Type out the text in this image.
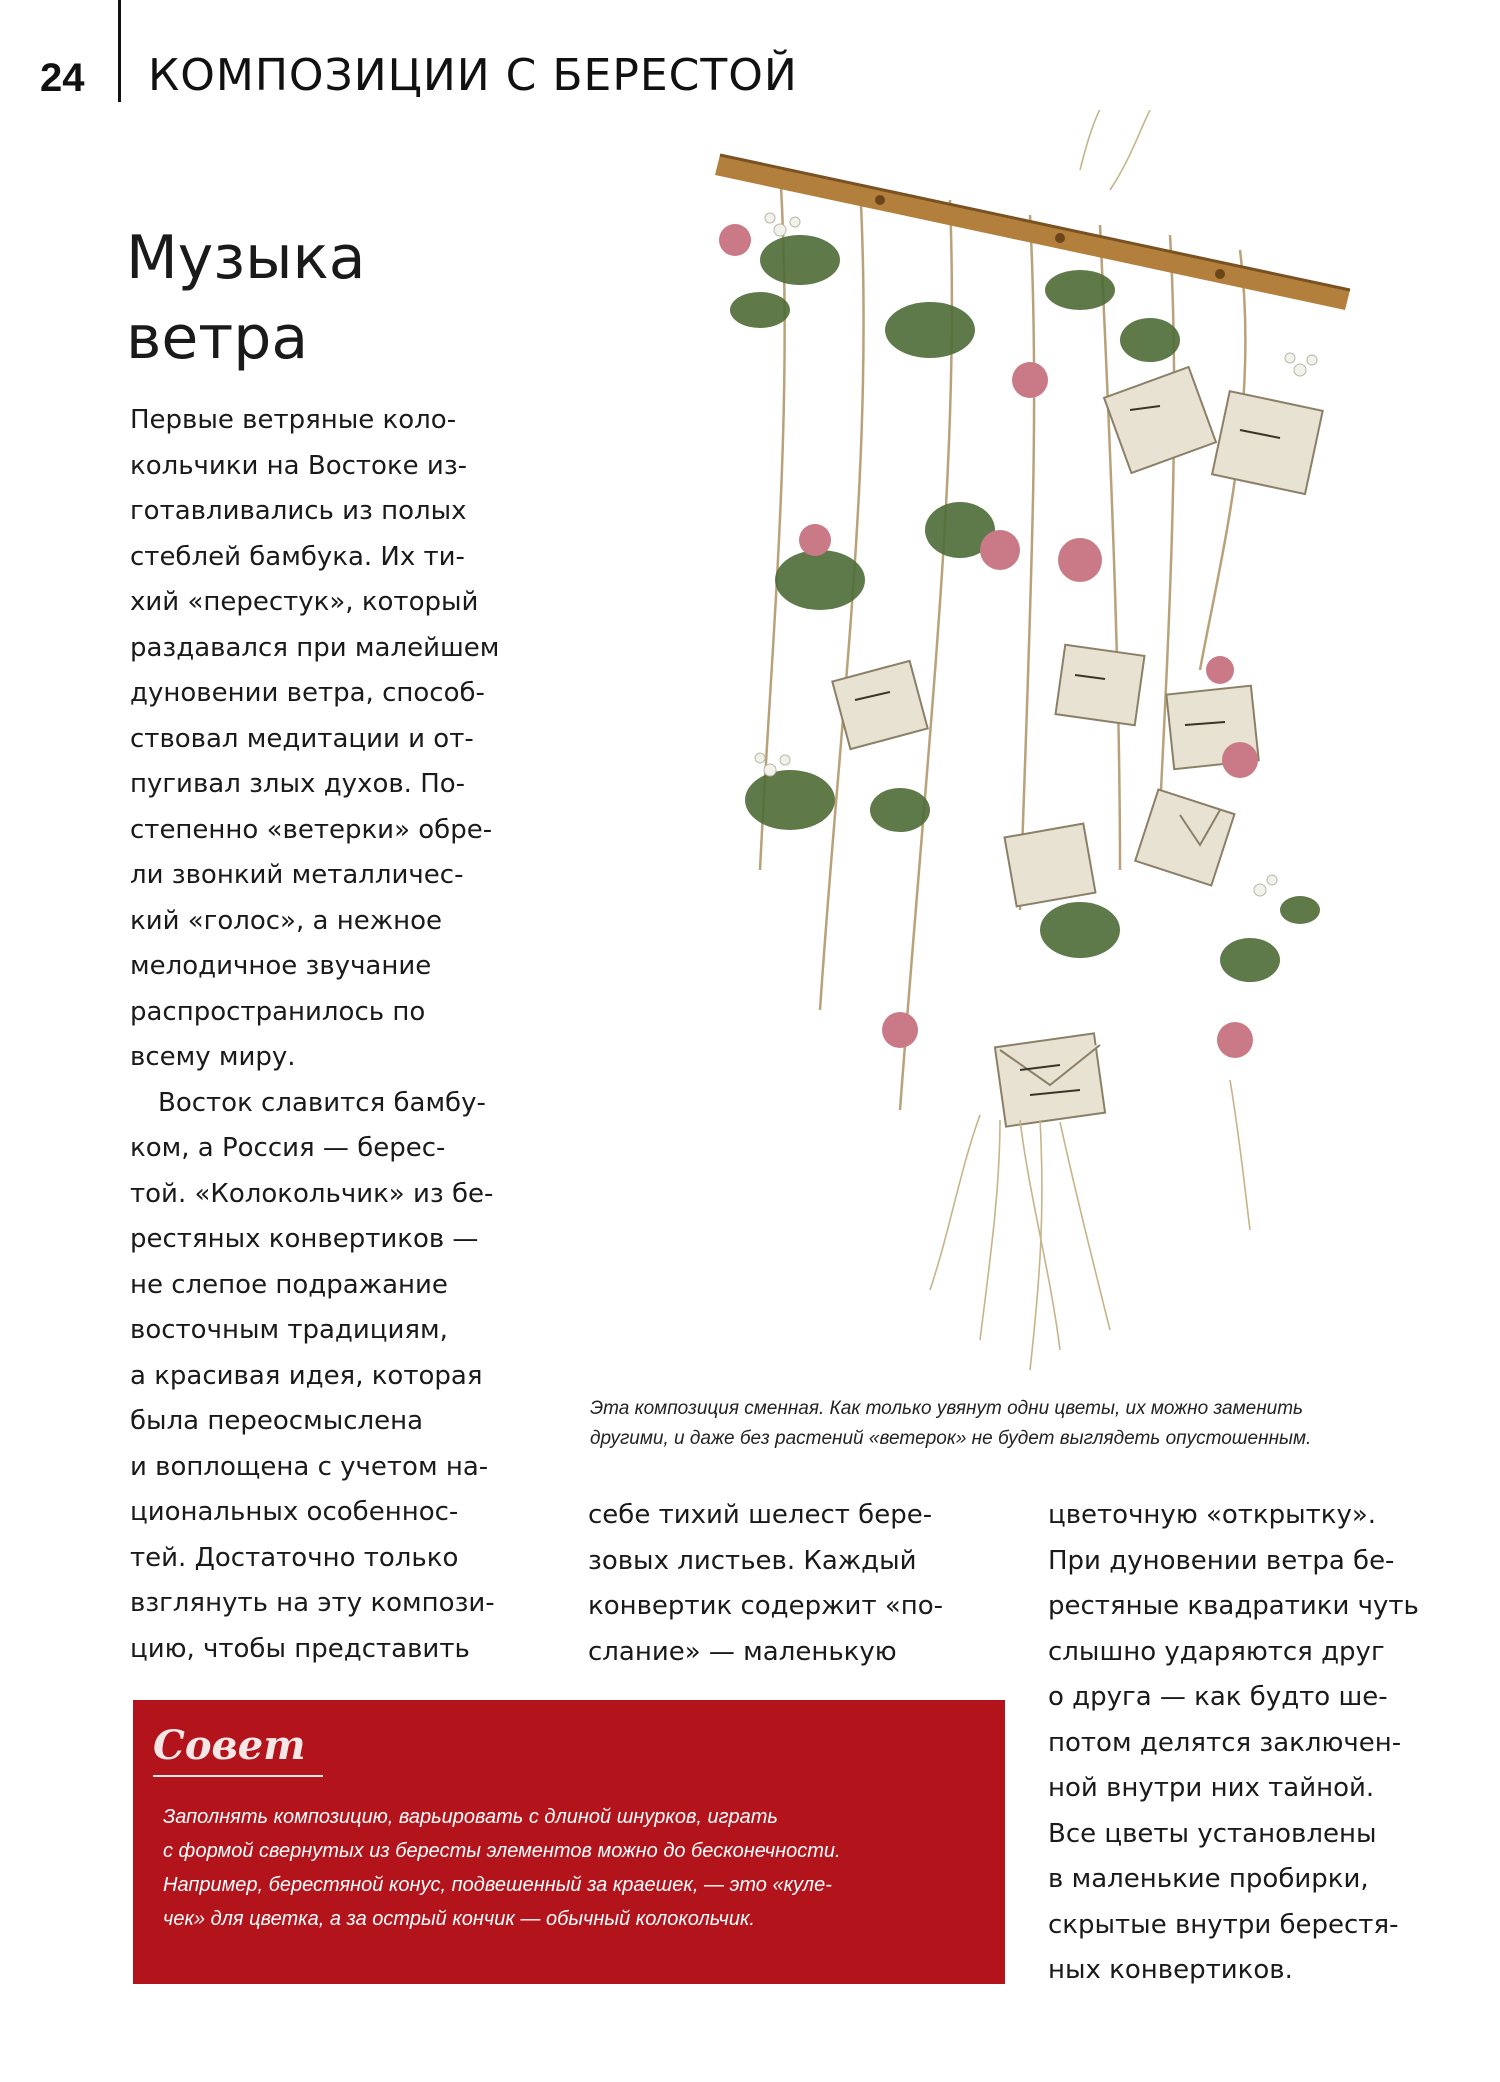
24 КОМПОЗИЦИИ С БЕРЕСТОЙ
Музыка
ветра
Первые ветряные коло-
кольчики на Востоке из-
готавливались из полых
стеблей бамбука. Их ти-
хий «перестук», который
раздавался при малейшем
дуновении ветра, способ-
ствовал медитации и от-
пугивал злых духов. По-
степенно «ветерки» обре-
ли звонкий металличес-
кий «голос», а нежное
мелодичное звучание
распространилось по
всему миру.
Восток славится бамбу-
ком, а Россия — берес-
той. «Колокольчик» из бе-
рестяных конвертиков —
не слепое подражание
восточным традициям,
а красивая идея, которая
была переосмыслена
и воплощена с учетом на-
циональных особеннос-
тей. Достаточно только
взглянуть на эту компози-
цию, чтобы представить
себе тихий шелест бере-
зовых листьев. Каждый
конвертик содержит «по-
слание» — маленькую
цветочную «открытку».
При дуновении ветра бе-
рестяные квадратики чуть
слышно ударяются друг
о друга — как будто ше-
потом делятся заключен-
ной внутри них тайной.
Все цветы установлены
в маленькие пробирки,
скрытые внутри берестя-
ных конвертиков.
Эта композиция сменная. Как только увянут одни цветы, их можно заменить
другими, и даже без растений «ветерок» не будет выглядеть опустошенным.
Совет
Заполнять композицию, варьировать с длиной шнурков, играть
с формой свернутых из бересты элементов можно до бесконечности.
Например, берестяной конус, подвешенный за краешек, — это «куле-
чек» для цветка, а за острый кончик — обычный колокольчик.
